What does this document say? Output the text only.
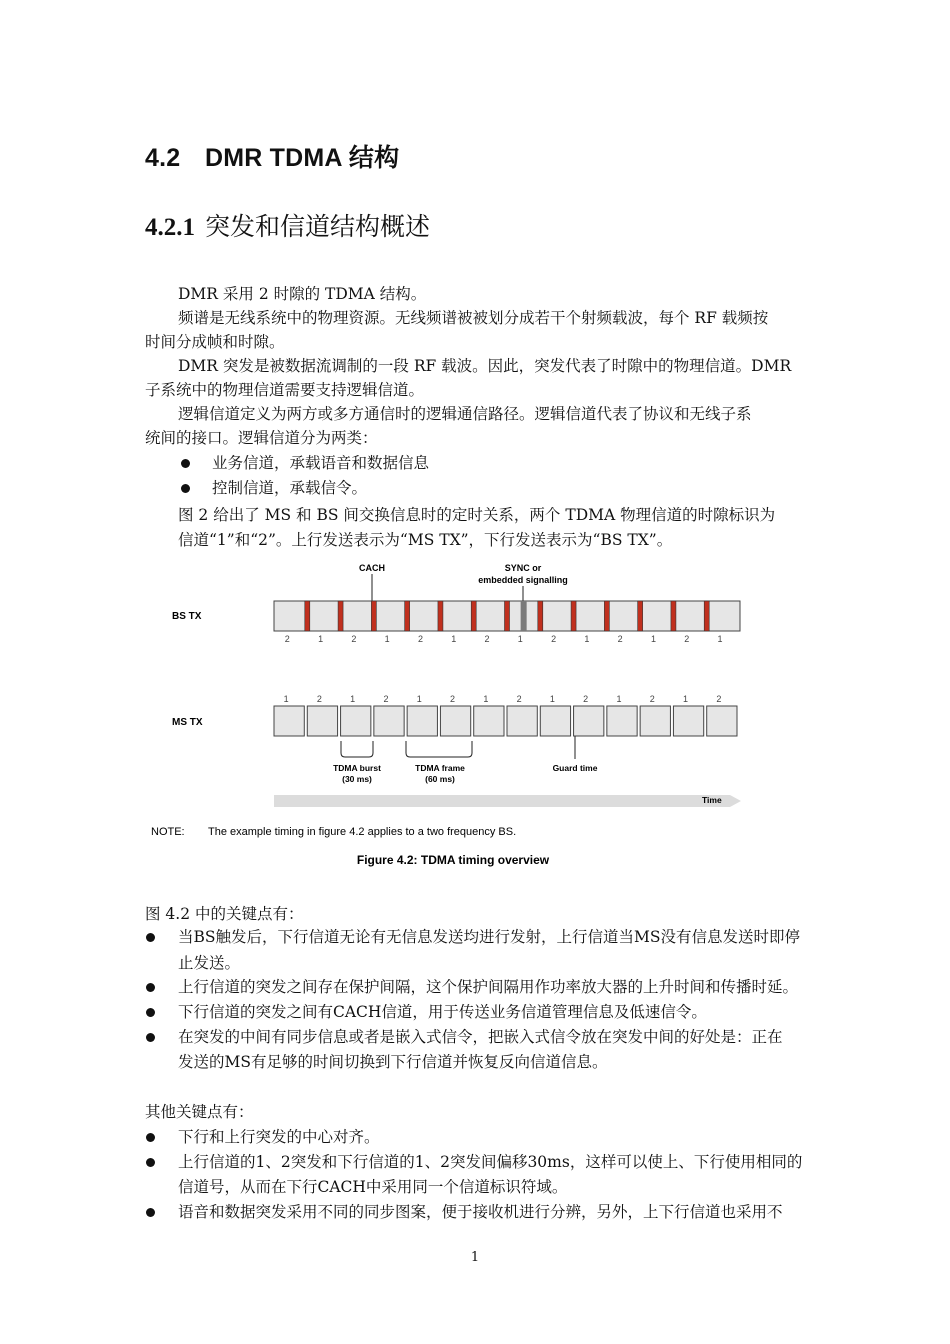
4.2 DMR TDMA 结构
4.2.1 突发和信道结构概述
DMR 采用 2 时隙的 TDMA 结构。
频谱是无线系统中的物理资源。无线频谱被被划分成若干个射频载波，每个 RF 载频按
时间分成帧和时隙。
DMR 突发是被数据流调制的一段 RF 载波。因此，突发代表了时隙中的物理信道。DMR
子系统中的物理信道需要支持逻辑信道。
逻辑信道定义为两方或多方通信时的逻辑通信路径。逻辑信道代表了协议和无线子系
统间的接口。逻辑信道分为两类：
业务信道，承载语音和数据信息
控制信道，承载信令。
图 2 给出了 MS 和 BS 间交换信息时的定时关系，两个 TDMA 物理信道的时隙标识为
信道“1”和“2”。上行发送表示为“MS TX”，下行发送表示为“BS TX”。
CACH	SYNC or
embedded signalling
BS TX
2	1	2	1	2	1	2	1	2	1	2	1	2	1
MS TX
1	2	1	2	1	2	1	2	1	2	1	2	1	2
TDMA burst
(30 ms)
TDMA frame
(60 ms)
Guard time
Time
NOTE: The example timing in figure 4.2 applies to a two frequency BS.
Figure 4.2: TDMA timing overview
图 4.2 中的关键点有：
当BS触发后，下行信道无论有无信息发送均进行发射，上行信道当MS没有信息发送时即停
止发送。
上行信道的突发之间存在保护间隔，这个保护间隔用作功率放大器的上升时间和传播时延。
下行信道的突发之间有CACH信道，用于传送业务信道管理信息及低速信令。
在突发的中间有同步信息或者是嵌入式信令，把嵌入式信令放在突发中间的好处是：正在
发送的MS有足够的时间切换到下行信道并恢复反向信道信息。
其他关键点有：
下行和上行突发的中心对齐。
上行信道的1、2突发和下行信道的1、2突发间偏移30ms，这样可以使上、下行使用相同的
信道号，从而在下行CACH中采用同一个信道标识符域。
语音和数据突发采用不同的同步图案，便于接收机进行分辨，另外，上下行信道也采用不
1
